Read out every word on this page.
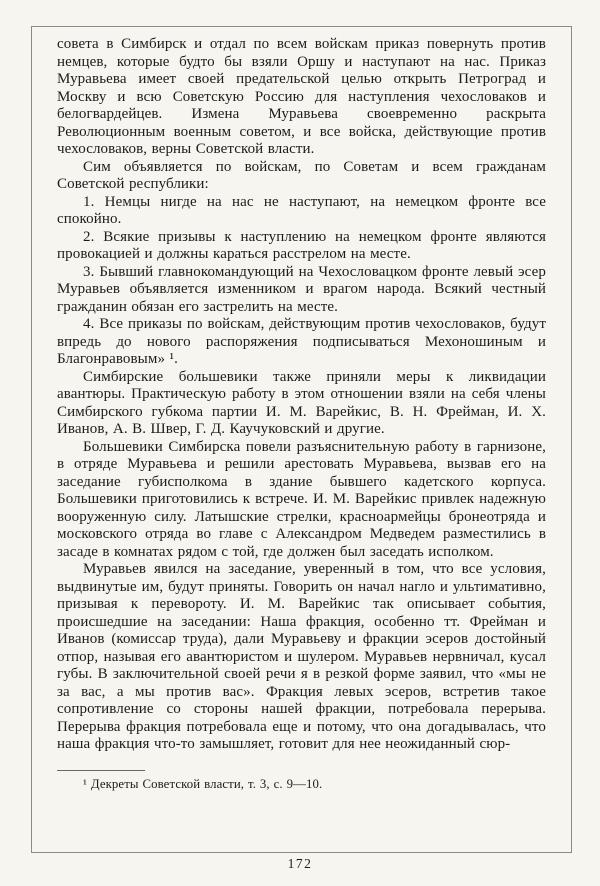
совета в Симбирск и отдал по всем войскам приказ повернуть против немцев, которые будто бы взяли Оршу и наступают на нас. Приказ Муравьева имеет своей предательской целью открыть Петроград и Москву и всю Советскую Россию для наступления чехословаков и белогвардейцев. Измена Муравьева своевременно раскрыта Революционным военным советом, и все войска, действующие против чехословаков, верны Советской власти.

Сим объявляется по войскам, по Советам и всем гражданам Советской республики:

1. Немцы нигде на нас не наступают, на немецком фронте все спокойно.

2. Всякие призывы к наступлению на немецком фронте являются провокацией и должны караться расстрелом на месте.

3. Бывший главнокомандующий на Чехословацком фронте левый эсер Муравьев объявляется изменником и врагом народа. Всякий честный гражданин обязан его застрелить на месте.

4. Все приказы по войскам, действующим против чехословаков, будут впредь до нового распоряжения подписываться Мехоношиным и Благонравовым» ¹.

Симбирские большевики также приняли меры к ликвидации авантюры. Практическую работу в этом отношении взяли на себя члены Симбирского губкома партии И. М. Варейкис, В. Н. Фрейман, И. Х. Иванов, А. В. Швер, Г. Д. Каучуковский и другие.

Большевики Симбирска повели разъяснительную работу в гарнизоне, в отряде Муравьева и решили арестовать Муравьева, вызвав его на заседание губисполкома в здание бывшего кадетского корпуса. Большевики приготовились к встрече. И. М. Варейкис привлек надежную вооруженную силу. Латышские стрелки, красноармейцы бронеотряда и московского отряда во главе с Александром Медведем разместились в засаде в комнатах рядом с той, где должен был заседать исполком.

Муравьев явился на заседание, уверенный в том, что все условия, выдвинутые им, будут приняты. Говорить он начал нагло и ультимативно, призывая к перевороту. И. М. Варейкис так описывает события, происшедшие на заседании: Наша фракция, особенно тт. Фрейман и Иванов (комиссар труда), дали Муравьеву и фракции эсеров достойный отпор, называя его авантюристом и шулером. Муравьев нервничал, кусал губы. В заключительной своей речи я в резкой форме заявил, что «мы не за вас, а мы против вас». Фракция левых эсеров, встретив такое сопротивление со стороны нашей фракции, потребовала перерыва. Перерыва фракция потребовала еще и потому, что она догадывалась, что наша фракция что-то замышляет, готовит для нее неожиданный сюр-

¹ Декреты Советской власти, т. 3, с. 9—10.

172
